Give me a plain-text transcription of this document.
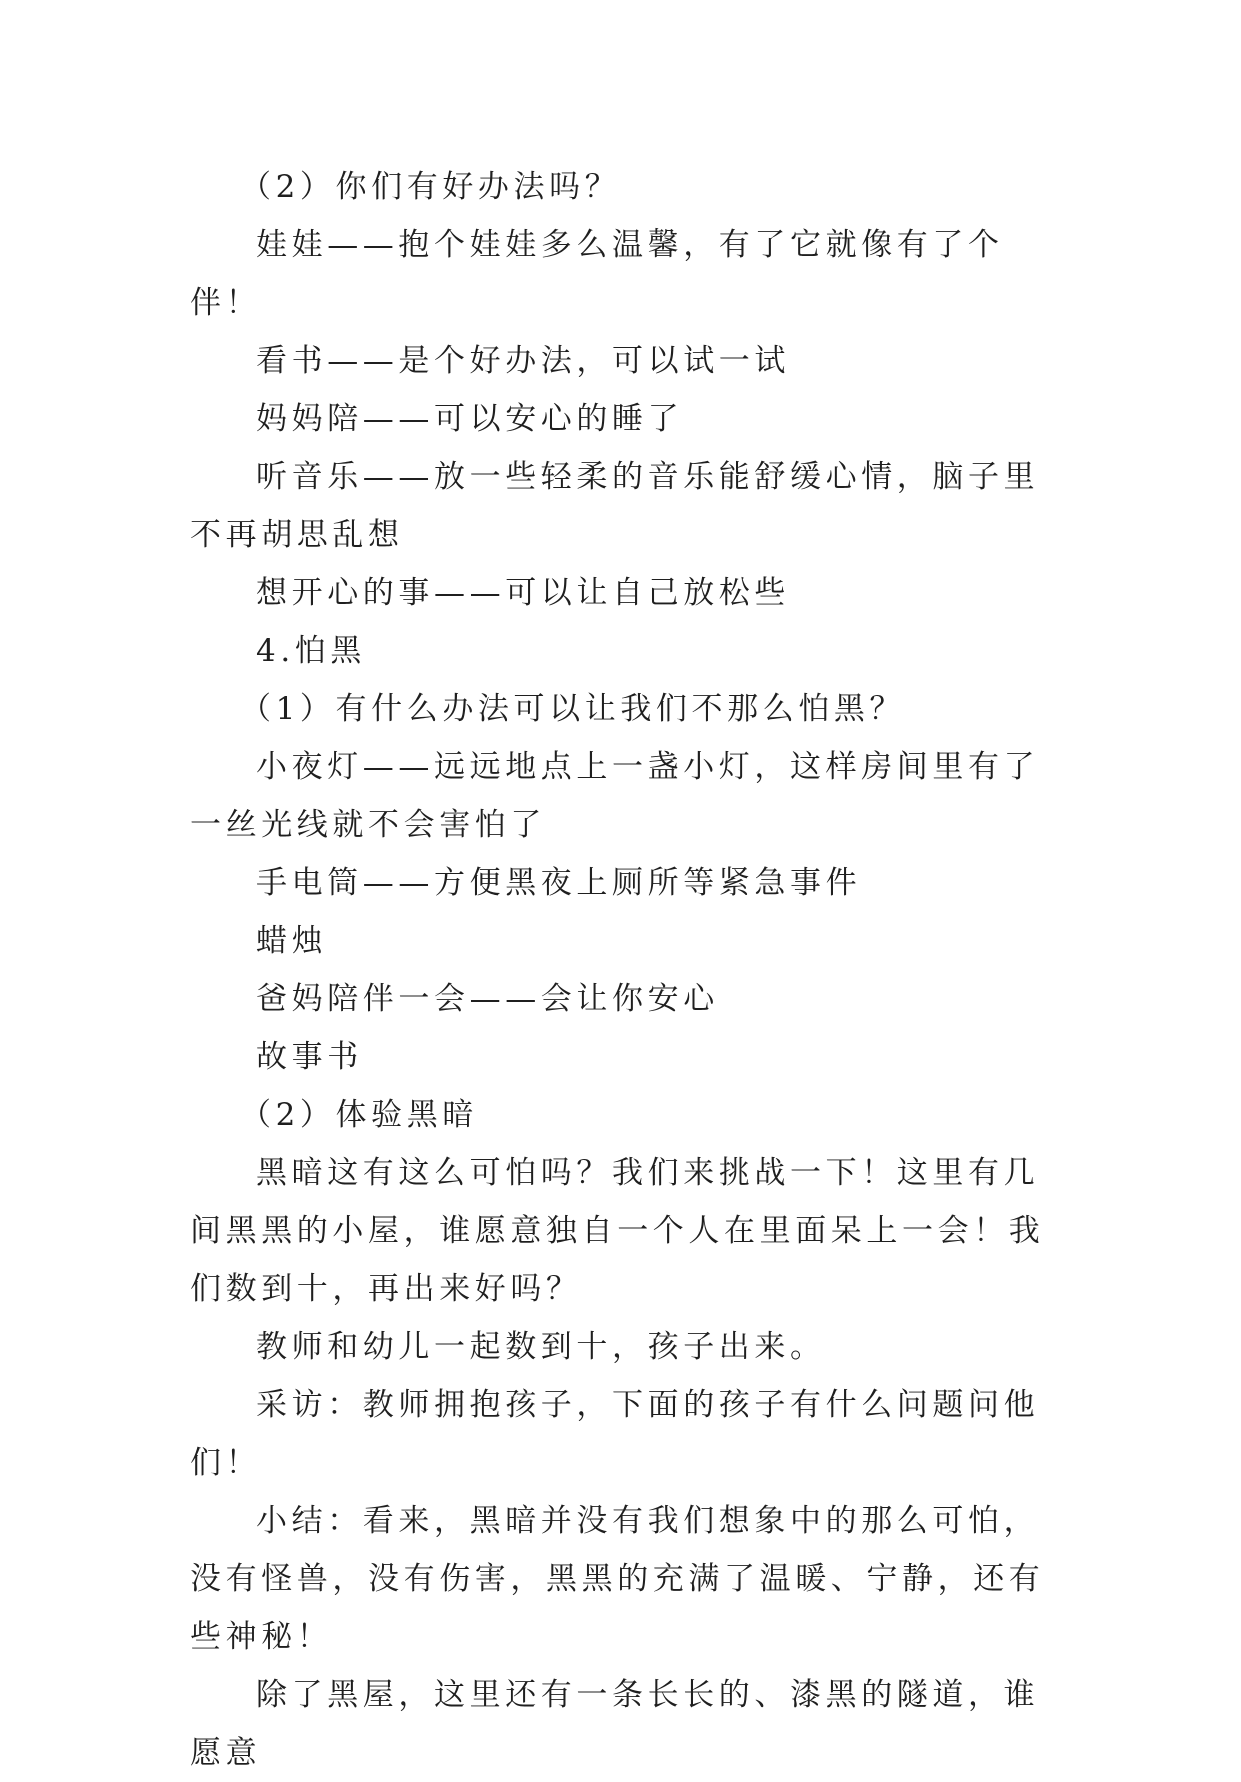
（2）你们有好办法吗？

娃娃——抱个娃娃多么温馨，有了它就像有了个伴！

看书——是个好办法，可以试一试

妈妈陪——可以安心的睡了

听音乐——放一些轻柔的音乐能舒缓心情，脑子里不再胡思乱想

想开心的事——可以让自己放松些

4.怕黑

（1）有什么办法可以让我们不那么怕黑？

小夜灯——远远地点上一盏小灯，这样房间里有了一丝光线就不会害怕了

手电筒——方便黑夜上厕所等紧急事件

蜡烛

爸妈陪伴一会——会让你安心

故事书

（2）体验黑暗

黑暗这有这么可怕吗？我们来挑战一下！这里有几间黑黑的小屋，谁愿意独自一个人在里面呆上一会！我们数到十，再出来好吗？

教师和幼儿一起数到十，孩子出来。

采访：教师拥抱孩子，下面的孩子有什么问题问他们！

小结：看来，黑暗并没有我们想象中的那么可怕，没有怪兽，没有伤害，黑黑的充满了温暖、宁静，还有些神秘！

除了黑屋，这里还有一条长长的、漆黑的隧道，谁愿意
